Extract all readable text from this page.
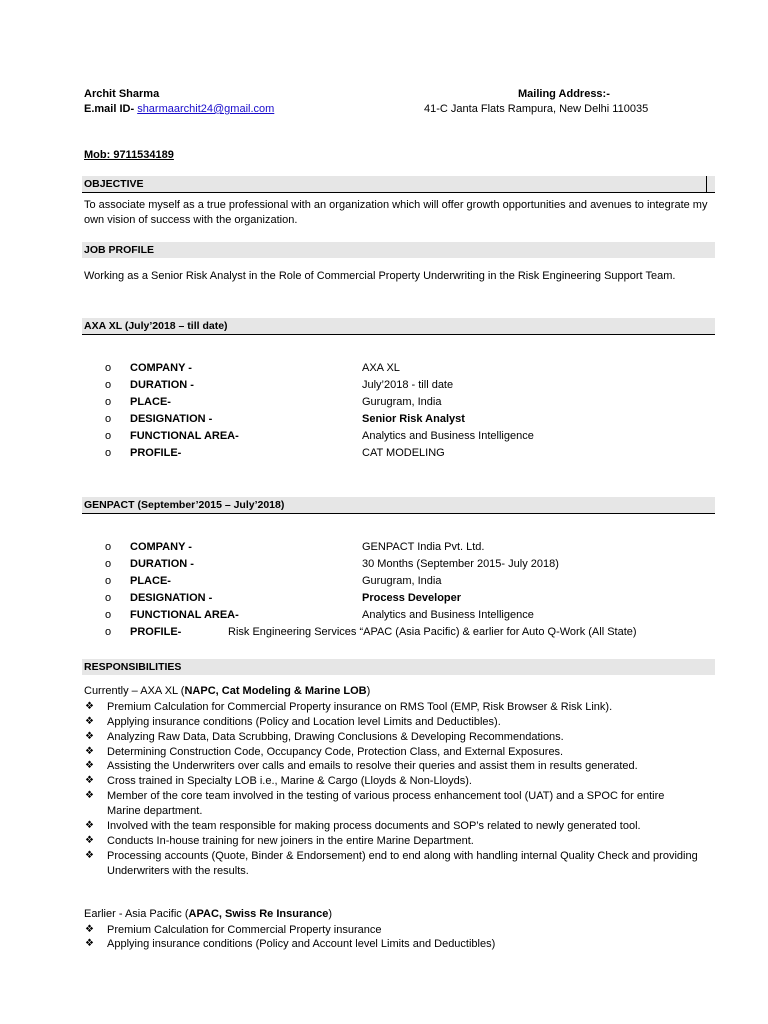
Archit Sharma
E.mail ID- sharmaarchit24@gmail.com
Mailing Address:-
41-C Janta Flats Rampura, New Delhi 110035
Mob: 9711534189
OBJECTIVE
To associate myself as a true professional with an organization which will offer growth opportunities and avenues to integrate my own vision of success with the organization.
JOB PROFILE
Working as a Senior Risk Analyst in the Role of Commercial Property Underwriting in the Risk Engineering Support Team.
AXA XL (July’2018 – till date)
o COMPANY -	AXA XL
o DURATION -	July’2018 - till date
o PLACE-	Gurugram, India
o DESIGNATION -	Senior Risk Analyst
o FUNCTIONAL AREA-	Analytics and Business Intelligence
o PROFILE-	CAT MODELING
GENPACT (September’2015 – July’2018)
o COMPANY -	GENPACT India Pvt. Ltd.
o DURATION -	30 Months (September 2015- July 2018)
o PLACE-	Gurugram, India
o DESIGNATION -	Process Developer
o FUNCTIONAL AREA-	Analytics and Business Intelligence
o PROFILE-	Risk Engineering Services “APAC (Asia Pacific) & earlier for Auto Q-Work (All State)
RESPONSIBILITIES
Currently – AXA XL (NAPC, Cat Modeling & Marine LOB)
❖ Premium Calculation for Commercial Property insurance on RMS Tool (EMP, Risk Browser & Risk Link).
❖ Applying insurance conditions (Policy and Location level Limits and Deductibles).
❖ Analyzing Raw Data, Data Scrubbing, Drawing Conclusions & Developing Recommendations.
❖ Determining Construction Code, Occupancy Code, Protection Class, and External Exposures.
❖ Assisting the Underwriters over calls and emails to resolve their queries and assist them in results generated.
❖ Cross trained in Specialty LOB i.e., Marine & Cargo (Lloyds & Non-Lloyds).
❖ Member of the core team involved in the testing of various process enhancement tool (UAT) and a SPOC for entire Marine department.
❖ Involved with the team responsible for making process documents and SOP’s related to newly generated tool.
❖ Conducts In-house training for new joiners in the entire Marine Department.
❖ Processing accounts (Quote, Binder & Endorsement) end to end along with handling internal Quality Check and providing Underwriters with the results.
Earlier - Asia Pacific (APAC, Swiss Re Insurance)
❖ Premium Calculation for Commercial Property insurance
❖ Applying insurance conditions (Policy and Account level Limits and Deductibles)
